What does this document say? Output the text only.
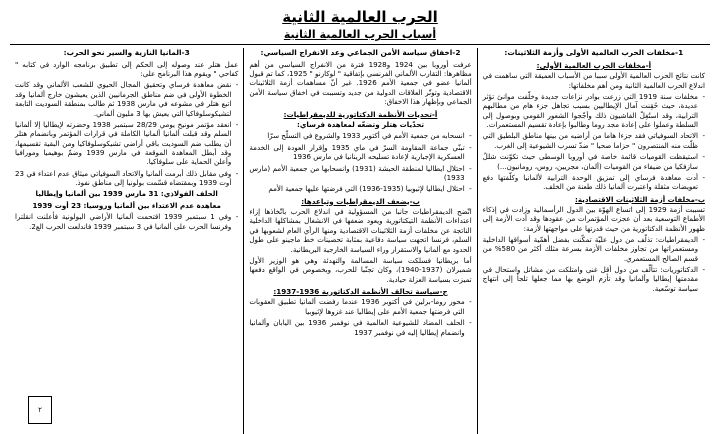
الحرب العالمية الثانية
أسباب الحرب العالمية الثانية
1-مخلفات الحرب العالمية الأولى وأزمة الثلاثينات:
أ-مخلفات الحرب العالمية الأولى:

كانت نتائج الحرب العالمية الأولى سببا من الأسباب العميقة التي ساهمت في اندلاع الحرب العالمية الثانية ومن أهم مخلفاتها:

- مخلفات سنة 1919 التي زرعت بوادر نزاعات جديدة وخلّفت موانئ تؤثر عديدة، حيث حُقِنت آمال الإيطاليين بسبب تجاهل جزء هام من مطالبهم الترابية، وقد استُغِلّ الفاشيون ذلك وأجّجوا الشعور القومي وبوصول إلى السلطة وعملوا على إعادة مجد روما وطالبوا بإعادة تقسيم المستعمرات.
- الاتحاد السوفياتي فقد جزءا هاما من أراضيه من بينها مناطق البلطيق التي ظلّت منه المنتصرون " حزاما صحيا " ضدّ تسرب الشيوعية إلى الغرب.
- استيقظت القوميات قائمة خاصة في أوروبا الوسطى حيث تكوّنت شللٌ سازفكيا من ضيفاء من القوميات (ألمان، مجريين، روس، رومانيون...)
- أدت معاهدة فرساي إلى تمزيق الوحدة الترابية لألمانيا وكلّفتها دفع تعويضات مثقلة واعتبرت ألمانيا ذلك طعنة من الخلف.
ب-مخلفات أزمة الثلاثينات الاقتصادية:

تسببت أزمة 1929 إلى اتساع الهوّة بين الدول الرأسمالية وزادت في إذكاء الأطماع التوسعية بعد أن عجزت المؤتمرات من عقودها وقد أدت الأزمة إلى ظهور الأنظمة الدكتاتورية من حيث قدرتها على مواجهتها لأزمة:

- الديمقراطيات: تذلّف من دول عليّة تمكّنت بفضل أهمّية أسواقها الداخلية ومستعمراتها من تجاوز مخلفات الأزمة بسرعة مثلك أكثر من 580% من قسم الصالح المستعمري.
- الدكتاتوريات: تتألّف من دول أقل غنى وامتلكت من مشاتل واستحال في مقدمتها إيطاليا وألمانيا وقد تأزم الوضع بها مما جعلها تلجأ إلى انتهاج سياسة توسّعية.
2-اخفاق سياسة الأمن الجماعي وعد الانفراج السياسي:

عرفت أوروبا بين 1924 و1928 فترة من الانفراج السياسي من أهم مظاهرها: التقارب الألماني الفرنسي بإتفاقية " لوكارنو " 1925، كما تم قبول ألمانيا عضو في جمعية الأمم 1926. غير أنّ مساهمات أزمة الثلاثينات الاقتصادية وتوتّر العلاقات الدولية من جديد وتسببت في اخفاق سياسة الأمن الجماعي وبإظهار هذا الاخفاق:

أ-تحديات الأنظمة الدكتاتورية للديمقراطيات:

تحدّيات هتلر وتضعّه لمعاهدة فرساي:

- انسحابه من جمعية الأمم في أكتوبر 1933 والشروع في التسلّح سرّا
- تبنّي جماعة المقاومة السرّ في ماي 1935 وإقرار العودة إلى الخدمة العسكرية الإجبارية لإعادة تسليحه الرينانيا في مارس 1936
- احتلال ايطاليا لمنطقة الحبشة (1931) وانسحابها من جمعية الأمم (مارس 1933)
- احتلال ايطاليا لإثيوبيا (1935-1936) التي فرضتها عليها جمعية الأمم
ب-يضعف الديمقراطيات وتباعدها:

اتّضح الديمقراطيات جانبا من المسؤولية في اندلاع الحرب باتّخاذها إزاء اعتداءات الأنظمة التيكتاتورية ويعود ضعفها في الانشغال بمشاكلها الداخلية الناتجة عن مخلفات أزمة الثلاثينات الاقتصادية ومنها الرأي العام لشعوبها في السلم، فرنسا اتجهت سياسة دفاعية بمثابة تحصينات خط ماجينو على طول الحدود مع ألمانيا والاستقرار وراء السياسة الخارجية البريطانية.

أما بريطانيا فسلكت سياسة المسالمة والتهدئة وهي هو الوزير الأول شمبرلان (1937-1940)، وكان تجنّبا للحرب، وبخصوص في الواقع دفعها تميزت بسياسة العزلة حيادية.

ج-سياسة تحالف الأنظمة الدكتاتورية 1936-1937:
- محور روما-برلين في أكتوبر 1936 عندما رفضت ألمانيا تطبيق العقوبات التي فرضتها جمعية الأمم على إيطاليا عند غزوها لإثيوبيا
- الحلف المضاد للشيوعية العالمية في نوفمبر 1936 بين اليابان وألمانيا وانضمام إيطاليا إليه في نوفمبر 1937
3-المانيا النازية والسير نحو الحرب:

عمل هتلر عند وصوله إلى الحكم إلى تطبيق برنامجه الوارد في كتابه " كفاحي " ويقوم هذا البرنامج على:

- نقض معاهدة فرساي وتحقيق المجال الحيوي للشعب الألماني وقد كانت الخطوة الأولى في ضم مناطق الجرمانيين الذين يعيشون خارج ألمانيا وقد اتبع هتلر في مشوعه في مارس 1938 ثم طالب بمنطقة السوديت التابعة لتشيكوسلوفاكيا التي يعيش بها 3 مليون ألماني.
- انعقد مؤتمر مونيخ يومي 28/29 سبتمبر 1938 وحضرته لإيطاليا إلا ألمانيا السلم وقد قبلت ألمانيا ألمانيا الكاملة في قرارات المؤتمر وبانضمام هتلر أن يطلب ضم السوديت باقي أراضي تشيكوسلوفاكيا ومن البقية تقسيمها، وقد أبطل المعاهدة الموقعة في مارس 1939 وضمّ بوهيميا ومورافيا وأعلن الحماية على سلوفاكيا.
- وفي مقابل ذلك أبرمت ألمانيا والاتحاد السوفياتي ميثاق عدم اعتداء في 23 أوت 1939 وبمقتضاه قسّمت بولونيا إلى مناطق نفوذ.

الحلف الفولاذي: 31 مارس 1939 بين ألمانيا وإيطاليا

معاهدة عدم الاعتداء بين ألمانيا وروسيا: 23 أوت 1939

- وفي 1 سبتمبر 1939 اقتحمت ألمانيا الأراضي البولونية فأعلنت انقلترا وفرنسا الحرب على ألمانيا في 3 سبتمبر 1939 فاندلعت الحرب الع2.
٢
